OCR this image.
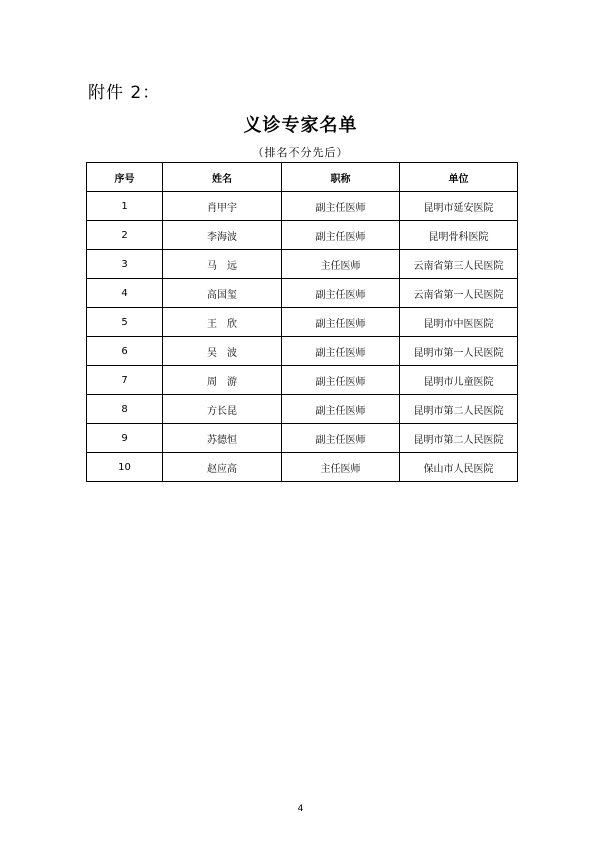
附件 2：
义诊专家名单
（排名不分先后）
序号	姓名	职称	单位
1	肖甲宇	副主任医师	昆明市延安医院
2	李海波	副主任医师	昆明骨科医院
3	马　远	主任医师	云南省第三人民医院
4	高国玺	副主任医师	云南省第一人民医院
5	王　欣	副主任医师	昆明市中医医院
6	吴　波	副主任医师	昆明市第一人民医院
7	周　游	副主任医师	昆明市儿童医院
8	方长昆	副主任医师	昆明市第二人民医院
9	苏德恒	副主任医师	昆明市第二人民医院
10	赵应高	主任医师	保山市人民医院
4
